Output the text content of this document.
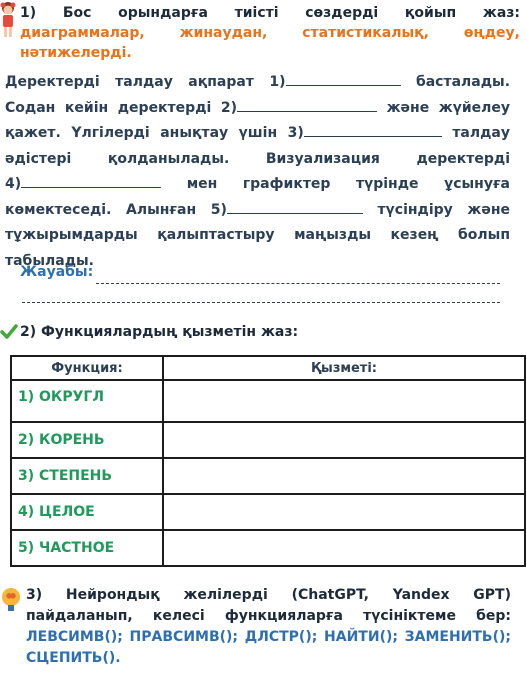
1) Бос орындарға тиісті сөздерді қойып жаз:
диаграммалар, жинаудан, статистикалық, өңдеу, нәтижелерді.
Деректерді талдау ақпарат 1)	басталады.
Содан кейін деректерді 2)	және жүйелеу
қажет. Үлгілерді анықтау үшін 3)	талдау
әдістері қолданылады. Визуализация деректерді
4)	мен графиктер түрінде ұсынуға
көмектеседі. Алынған 5)	түсіндіру және
тұжырымдарды қалыптастыру маңызды кезең болып
табылады.
Жауабы:
2) Функциялардың қызметін жаз:
Функция:	Қызметі:
1) ОКРУГЛ	
2) КОРЕНЬ	
3) СТЕПЕНЬ	
4) ЦЕЛОЕ	
5) ЧАСТНОЕ	
3) Нейрондық желілерді (ChatGPT, Yandex GPT)
пайдаланып, келесі функцияларға түсініктеме бер:
ЛЕВСИМВ(); ПРАВСИМВ(); ДЛСТР(); НАЙТИ(); ЗАМЕНИТЬ();
СЦЕПИТЬ().
